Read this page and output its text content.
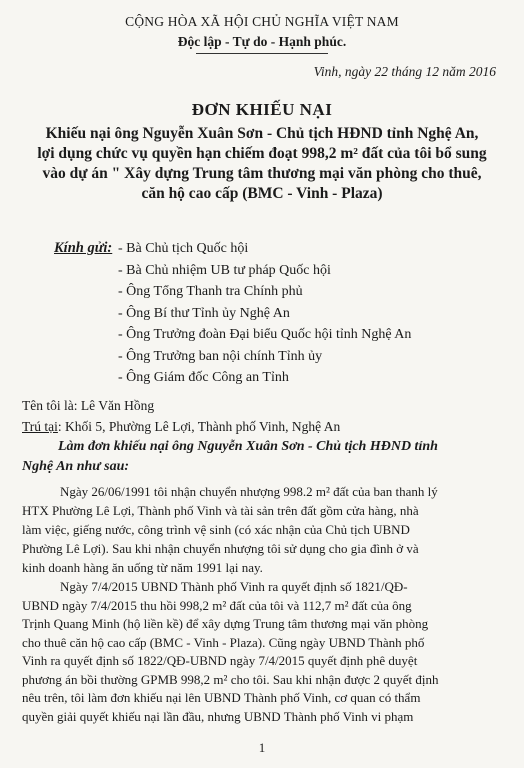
CỘNG HÒA XÃ HỘI CHỦ NGHĨA VIỆT NAM
Độc lập - Tự do - Hạnh phúc.
Vinh, ngày 22 tháng 12 năm 2016
ĐƠN KHIẾU NẠI
Khiếu nại ông Nguyễn Xuân Sơn - Chủ tịch HĐND tỉnh Nghệ An,
lợi dụng chức vụ quyền hạn chiếm đoạt 998,2 m² đất của tôi bổ sung
vào dự án " Xây dựng Trung tâm thương mại văn phòng cho thuê,
căn hộ cao cấp (BMC - Vinh - Plaza)
Kính gửi: - Bà Chủ tịch Quốc hội
- Bà Chủ nhiệm UB tư pháp Quốc hội
- Ông Tổng Thanh tra Chính phủ
- Ông Bí thư Tỉnh ủy Nghệ An
- Ông Trưởng đoàn Đại biểu Quốc hội tỉnh Nghệ An
- Ông Trưởng ban nội chính Tỉnh ủy
- Ông Giám đốc Công an Tỉnh
Tên tôi là: Lê Văn Hồng
Trú tại: Khối 5, Phường Lê Lợi, Thành phố Vinh, Nghệ An
Làm đơn khiếu nại ông Nguyễn Xuân Sơn - Chủ tịch HĐND tỉnh
Nghệ An như sau:
Ngày 26/06/1991 tôi nhận chuyển nhượng 998.2 m² đất của ban thanh lý
HTX Phường Lê Lợi, Thành phố Vinh và tài sản trên đất gồm cửa hàng, nhà
làm việc, giếng nước, công trình vệ sinh (có xác nhận của Chủ tịch UBND
Phường Lê Lợi). Sau khi nhận chuyển nhượng tôi sử dụng cho gia đình ở và
kinh doanh hàng ăn uống từ năm 1991 lại nay.
Ngày 7/4/2015 UBND Thành phố Vinh ra quyết định số 1821/QĐ-
UBND ngày 7/4/2015 thu hồi 998,2 m² đất của tôi và 112,7 m² đất của ông
Trịnh Quang Minh (hộ liền kề) để xây dựng Trung tâm thương mại văn phòng
cho thuê căn hộ cao cấp (BMC - Vinh - Plaza). Cũng ngày UBND Thành phố
Vinh ra quyết định số 1822/QĐ-UBND ngày 7/4/2015 quyết định phê duyệt
phương án bồi thường GPMB 998,2 m² cho tôi. Sau khi nhận được 2 quyết định
nêu trên, tôi làm đơn khiếu nại lên UBND Thành phố Vinh, cơ quan có thẩm
quyền giải quyết khiếu nại lần đầu, nhưng UBND Thành phố Vinh vi phạm
1
